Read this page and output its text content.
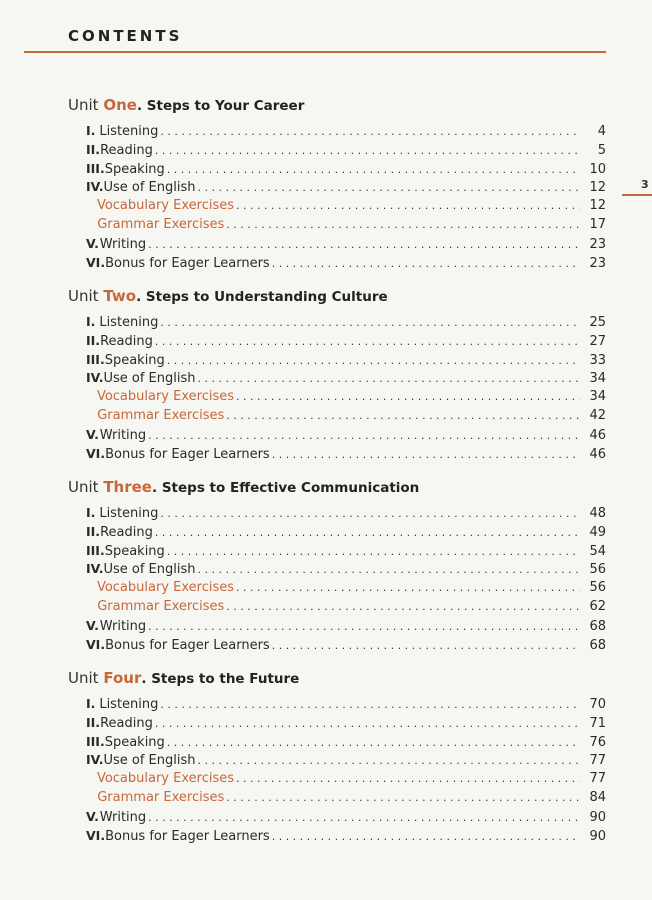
CONTENTS
3
Unit One. Steps to Your Career
I. Listening . . .	4
II. Reading . . .	5
III. Speaking . . .	10
IV. Use of English . . .	12
Vocabulary Exercises . . .	12
Grammar Exercises . . .	17
V. Writing . . .	23
VI. Bonus for Eager Learners . . .	23
Unit Two. Steps to Understanding Culture
I. Listening . . .	25
II. Reading . . .	27
III. Speaking . . .	33
IV. Use of English . . .	34
Vocabulary Exercises . . .	34
Grammar Exercises . . .	42
V. Writing . . .	46
VI. Bonus for Eager Learners . . .	46
Unit Three. Steps to Effective Communication
I. Listening . . .	48
II. Reading . . .	49
III. Speaking . . .	54
IV. Use of English . . .	56
Vocabulary Exercises . . .	56
Grammar Exercises . . .	62
V. Writing . . .	68
VI. Bonus for Eager Learners . . .	68
Unit Four. Steps to the Future
I. Listening . . .	70
II. Reading . . .	71
III. Speaking . . .	76
IV. Use of English . . .	77
Vocabulary Exercises . . .	77
Grammar Exercises . . .	84
V. Writing . . .	90
VI. Bonus for Eager Learners . . .	90
